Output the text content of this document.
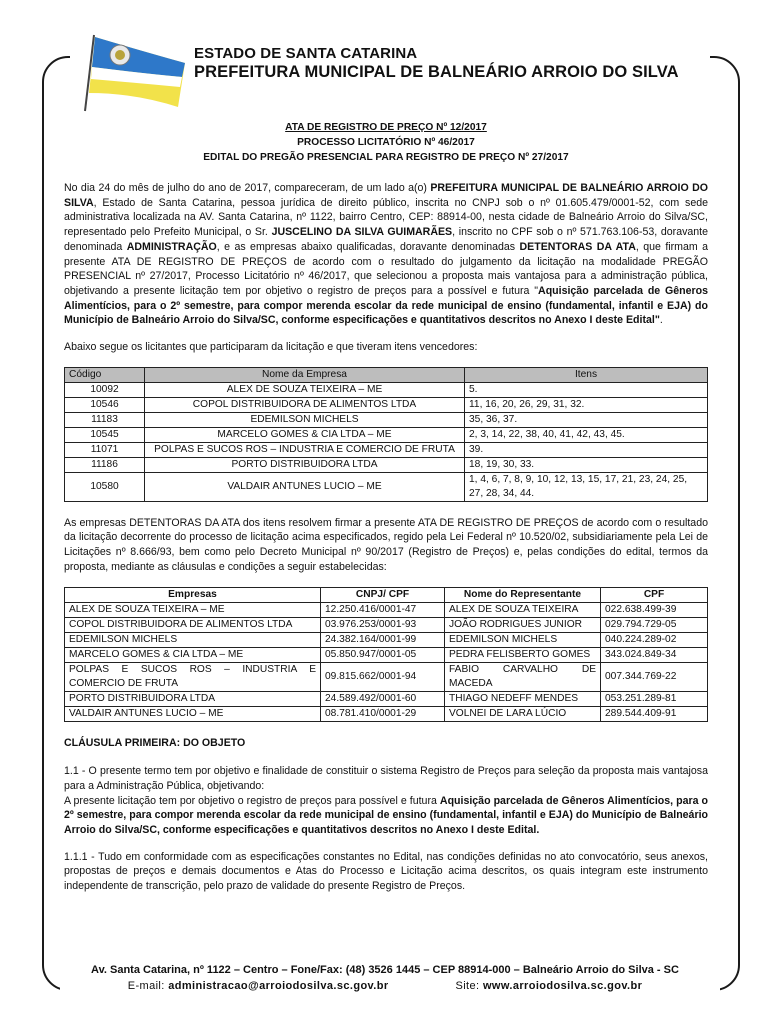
ESTADO DE SANTA CATARINA
PREFEITURA MUNICIPAL DE BALNEÁRIO ARROIO DO SILVA
ATA DE REGISTRO DE PREÇO Nº 12/2017
PROCESSO LICITATÓRIO Nº 46/2017
EDITAL DO PREGÃO PRESENCIAL PARA REGISTRO DE PREÇO Nº 27/2017

No dia 24 do mês de julho do ano de 2017, compareceram, de um lado a(o) PREFEITURA MUNICIPAL DE BALNEÁRIO ARROIO DO SILVA, Estado de Santa Catarina, pessoa jurídica de direito público, inscrita no CNPJ sob o nº 01.605.479/0001-52, com sede administrativa localizada na AV. Santa Catarina, nº 1122, bairro Centro, CEP: 88914-00, nesta cidade de Balneário Arroio do Silva/SC, representado pelo Prefeito Municipal, o Sr. JUSCELINO DA SILVA GUIMARÃES, inscrito no CPF sob o nº 571.763.106-53, doravante denominada ADMINISTRAÇÃO, e as empresas abaixo qualificadas, doravante denominadas DETENTORAS DA ATA, que firmam a presente ATA DE REGISTRO DE PREÇOS de acordo com o resultado do julgamento da licitação na modalidade PREGÃO PRESENCIAL nº 27/2017, Processo Licitatório nº 46/2017, que selecionou a proposta mais vantajosa para a administração pública, objetivando a presente licitação tem por objetivo o registro de preços para a possível e futura "Aquisição parcelada de Gêneros Alimentícios, para o 2º semestre, para compor merenda escolar da rede municipal de ensino (fundamental, infantil e EJA) do Município de Balneário Arroio do Silva/SC, conforme especificações e quantitativos descritos no Anexo I deste Edital".

Abaixo segue os licitantes que participaram da licitação e que tiveram itens vencedores:

Código	Nome da Empresa	Itens
10092	ALEX DE SOUZA TEIXEIRA – ME	5.
10546	COPOL DISTRIBUIDORA DE ALIMENTOS LTDA	11, 16, 20, 26, 29, 31, 32.
11183	EDEMILSON MICHELS	35, 36, 37.
10545	MARCELO GOMES & CIA LTDA – ME	2, 3, 14, 22, 38, 40, 41, 42, 43, 45.
11071	POLPAS E SUCOS ROS – INDUSTRIA E COMERCIO DE FRUTA	39.
11186	PORTO DISTRIBUIDORA LTDA	18, 19, 30, 33.
10580	VALDAIR ANTUNES LUCIO – ME	1, 4, 6, 7, 8, 9, 10, 12, 13, 15, 17, 21, 23, 24, 25, 27, 28, 34, 44.

As empresas DETENTORAS DA ATA dos itens resolvem firmar a presente ATA DE REGISTRO DE PREÇOS de acordo com o resultado da licitação decorrente do processo de licitação acima especificados, regido pela Lei Federal nº 10.520/02, subsidiariamente pela Lei de Licitações nº 8.666/93, bem como pelo Decreto Municipal nº 90/2017 (Registro de Preços) e, pelas condições do edital, termos da proposta, mediante as cláusulas e condições a seguir estabelecidas:

Empresas	CNPJ/ CPF	Nome do Representante	CPF
ALEX DE SOUZA TEIXEIRA – ME	12.250.416/0001-47	ALEX DE SOUZA TEIXEIRA	022.638.499-39
COPOL DISTRIBUIDORA DE ALIMENTOS LTDA	03.976.253/0001-93	JOÃO RODRIGUES JUNIOR	029.794.729-05
EDEMILSON MICHELS	24.382.164/0001-99	EDEMILSON MICHELS	040.224.289-02
MARCELO GOMES & CIA LTDA – ME	05.850.947/0001-05	PEDRA FELISBERTO GOMES	343.024.849-34
POLPAS E SUCOS ROS – INDUSTRIA E COMERCIO DE FRUTA	09.815.662/0001-94	FABIO CARVALHO DE MACEDA	007.344.769-22
PORTO DISTRIBUIDORA LTDA	24.589.492/0001-60	THIAGO NEDEFF MENDES	053.251.289-81
VALDAIR ANTUNES LUCIO – ME	08.781.410/0001-29	VOLNEI DE LARA LÚCIO	289.544.409-91
CLÁUSULA PRIMEIRA: DO OBJETO

1.1 - O presente termo tem por objetivo e finalidade de constituir o sistema Registro de Preços para seleção da proposta mais vantajosa para a Administração Pública, objetivando:

A presente licitação tem por objetivo o registro de preços para possível e futura Aquisição parcelada de Gêneros Alimentícios, para o 2º semestre, para compor merenda escolar da rede municipal de ensino (fundamental, infantil e EJA) do Município de Balneário Arroio do Silva/SC, conforme especificações e quantitativos descritos no Anexo I deste Edital.

1.1.1 - Tudo em conformidade com as especificações constantes no Edital, nas condições definidas no ato convocatório, seus anexos, propostas de preços e demais documentos e Atas do Processo e Licitação acima descritos, os quais integram este instrumento independente de transcrição, pelo prazo de validade do presente Registro de Preços.

Av. Santa Catarina, nº 1122 – Centro – Fone/Fax: (48) 3526 1445 – CEP 88914-000 – Balneário Arroio do Silva - SC
E-mail: administracao@arroiodosilva.sc.gov.br	Site: www.arroiodosilva.sc.gov.br
